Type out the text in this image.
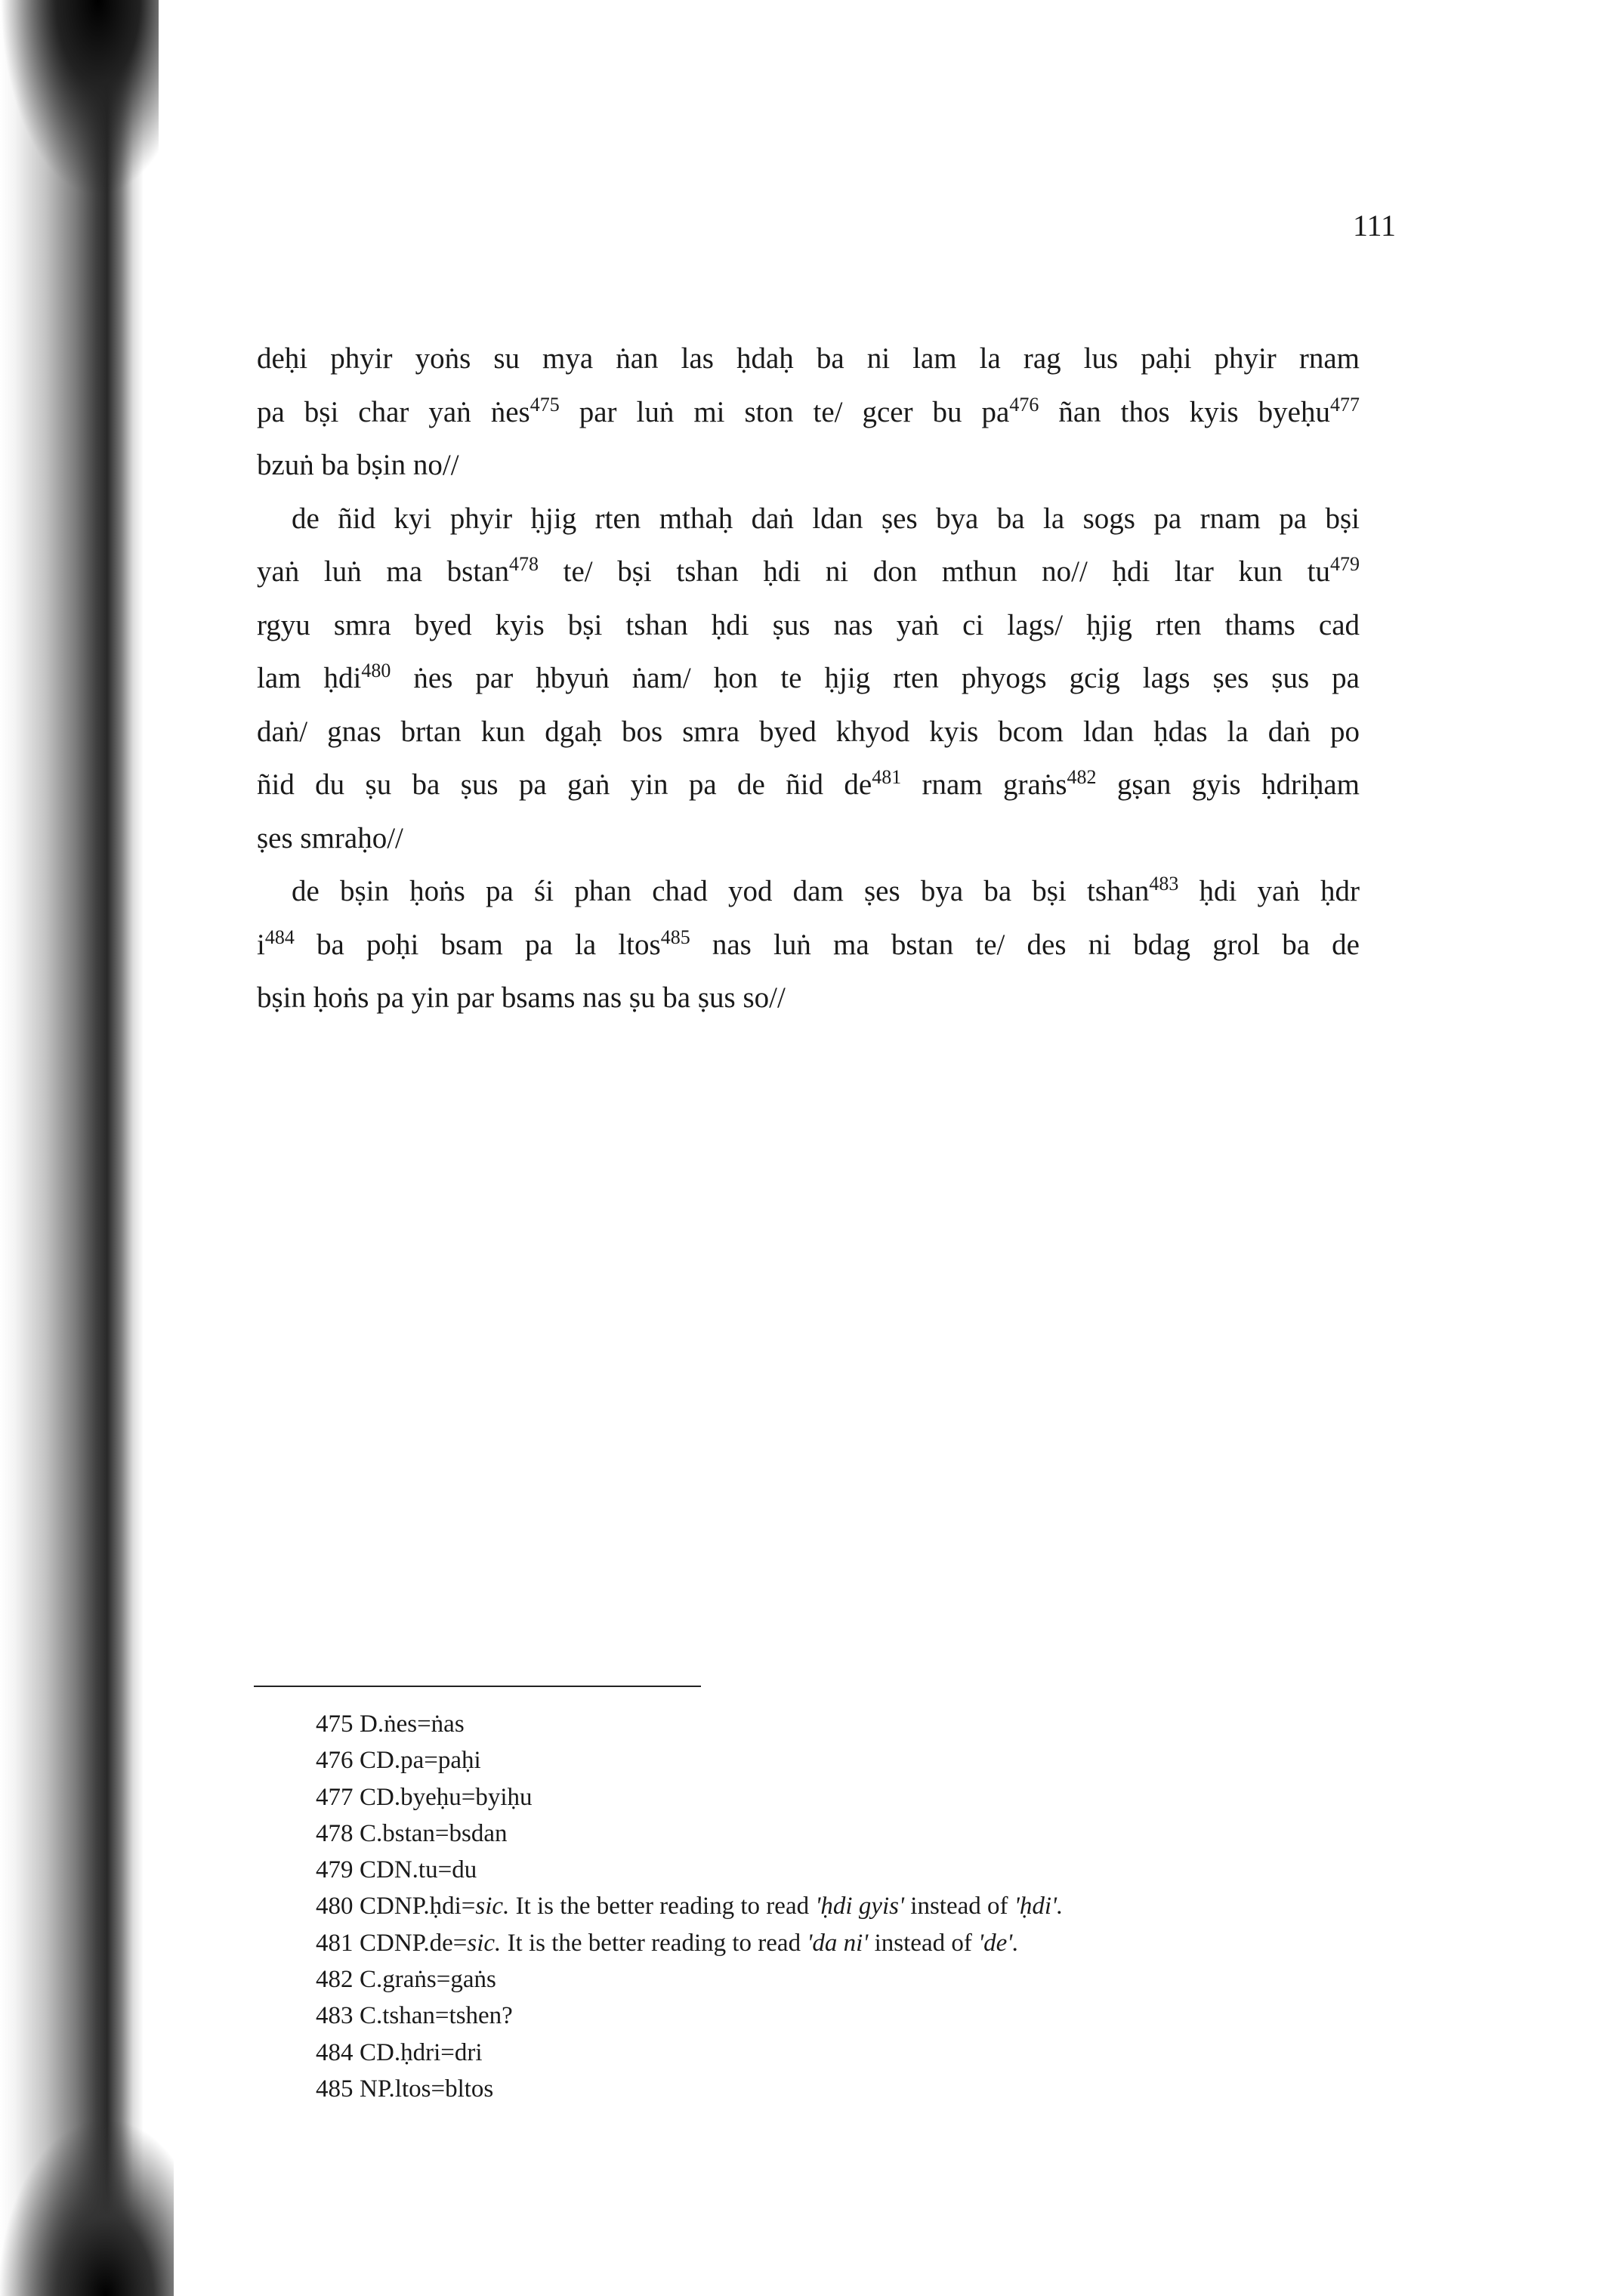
111
deḥi phyir yoṅs su mya ṅan las ḥdaḥ ba ni lam la rag lus paḥi phyir rnam
pa bṣi char yaṅ ṅes$^{475}$ par luṅ mi ston te/ gcer bu $pa^{476}$ ñan thos kyis byeḥu$^{477}$
bzuṅ ba bṣin no//
de ñid kyi phyir ḥjig rten mthaḥ daṅ ldan ṣes bya ba la sogs pa rnam pa bṣi
yaṅ luṅ ma bstan$^{478}$ te/ bṣi tshan ḥdi ni don mthun no// ḥdi ltar kun $tu^{479}$
rgyu smra byed kyis bṣi tshan ḥdi ṣus nas yaṅ ci lags/ ḥjig rten thams cad
lam ḥdi$^{480}$ ṅes par ḥbyuṅ ṅam/ ḥon te ḥjig rten phyogs gcig lags ṣes ṣus pa
daṅ/ gnas brtan kun dgaḥ bos smra byed khyod kyis bcom ldan ḥdas la daṅ po
ñid du ṣu ba ṣus pa gaṅ yin pa de ñid $de^{481}$ rnam graṅs$^{482}$ gṣan gyis ḥdriḥam
ṣes smraḥo//
de bṣin ḥoṅs pa śi phan chad yod dam ṣes bya ba bṣi tshan$^{483}$ ḥdi yaṅ ḥdr
$i^{484}$ ba poḥi bsam pa la ltos$^{485}$ nas luṅ ma bstan te/ des ni bdag grol ba de
bṣin ḥoṅs pa yin par bsams nas ṣu ba ṣus so//
475 D.ṅes=ṅas
476 CD.pa=paḥi
477 CD.byeḥu=byiḥu
478 C.bstan=bsdan
479 CDN.tu=du
480 CDNP.ḥdi=sic. It is the better reading to read 'ḥdi gyis' instead of 'ḥdi'.
481 CDNP.de=sic. It is the better reading to read 'da ni' instead of 'de'.
482 C.graṅs=gaṅs
483 C.tshan=tshen?
484 CD.ḥdri=dri
485 NP.ltos=bltos
